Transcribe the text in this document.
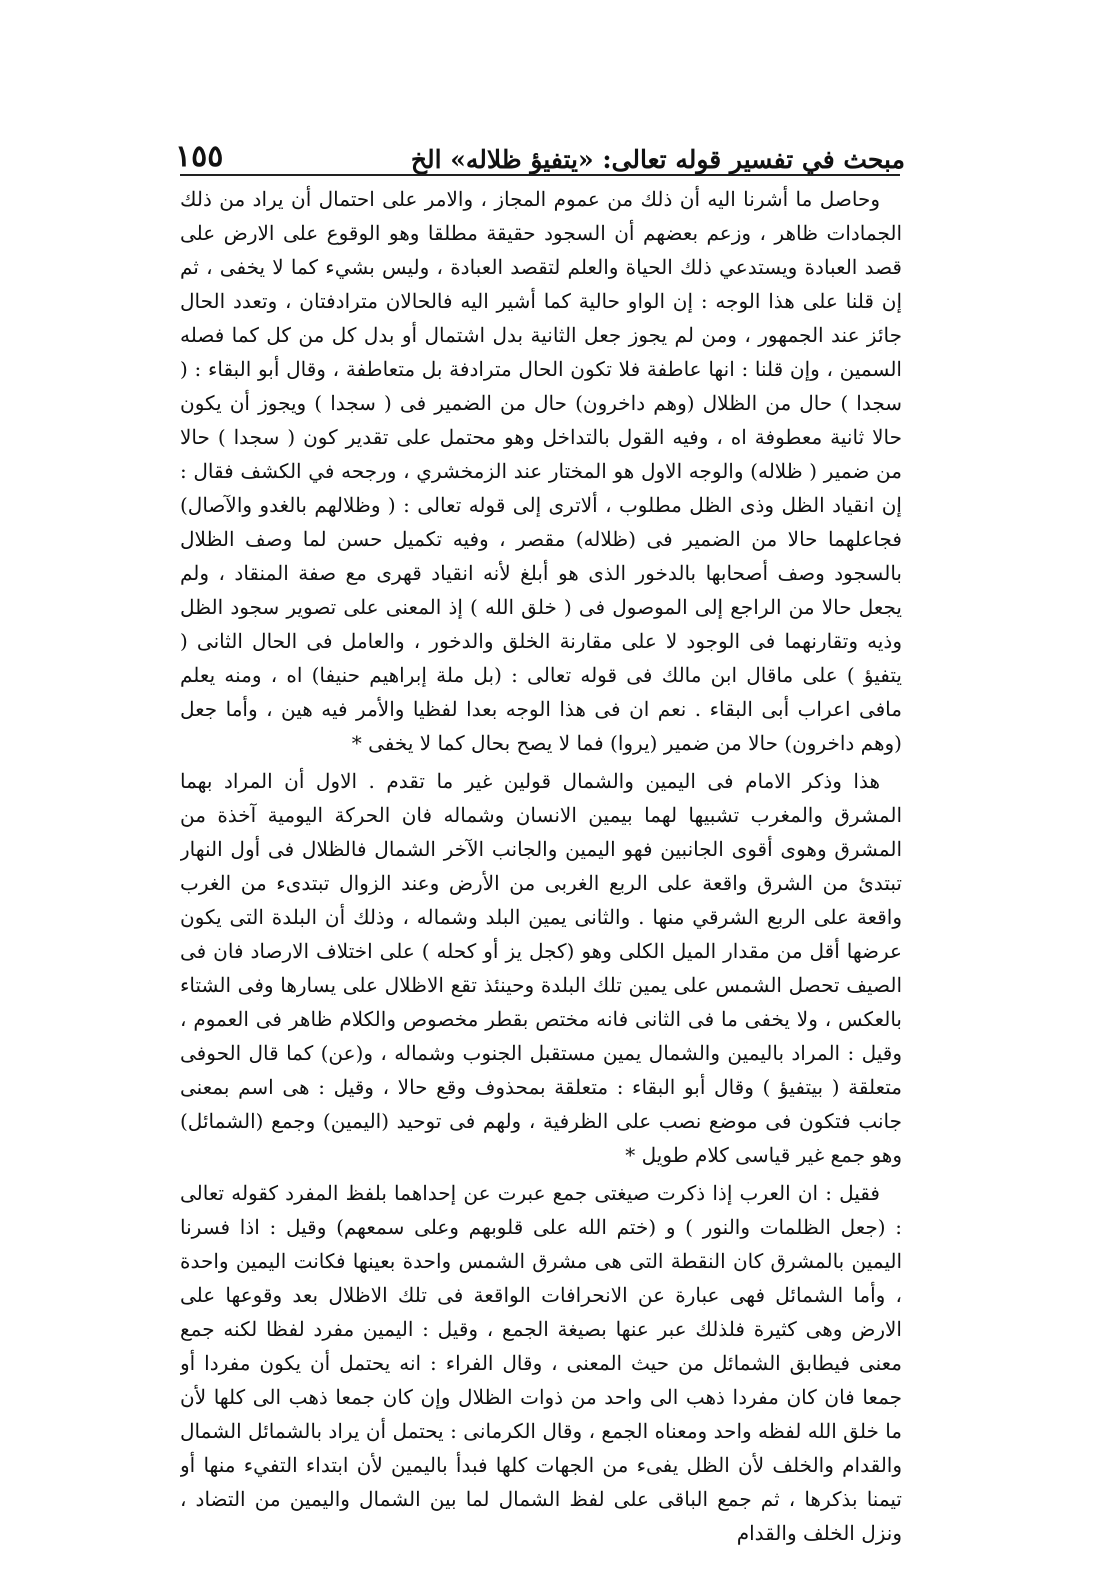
مبحث في تفسير قوله تعالى: «يتفيؤ ظلاله» الخ
١٥٥

وحاصل ما أشرنا اليه أن ذلك من عموم المجاز ، والامر على احتمال أن يراد من ذلك الجمادات ظاهر ، وزعم بعضهم أن السجود حقيقة مطلقا وهو الوقوع على الارض على قصد العبادة ويستدعي ذلك الحياة والعلم لتقصد العبادة ، وليس بشيء كما لا يخفى ، ثم إن قلنا على هذا الوجه : إن الواو حالية كما أشير اليه فالحالان مترادفتان ، وتعدد الحال جائز عند الجمهور ، ومن لم يجوز جعل الثانية بدل اشتمال أو بدل كل من كل كما فصله السمين ، وإن قلنا : انها عاطفة فلا تكون الحال مترادفة بل متعاطفة ، وقال أبو البقاء : ( سجدا ) حال من الظلال (وهم داخرون) حال من الضمير فى ( سجدا ) ويجوز أن يكون حالا ثانية معطوفة اه ، وفيه القول بالتداخل وهو محتمل على تقدير كون ( سجدا ) حالا من ضمير ( ظلاله) والوجه الاول هو المختار عند الزمخشري ، ورجحه في الكشف فقال : إن انقياد الظل وذى الظل مطلوب ، ألاترى إلى قوله تعالى : ( وظلالهم بالغدو والآصال) فجاعلهما حالا من الضمير فى (ظلاله) مقصر ، وفيه تكميل حسن لما وصف الظلال بالسجود وصف أصحابها بالدخور الذى هو أبلغ لأنه انقياد قهرى مع صفة المنقاد ، ولم يجعل حالا من الراجع إلى الموصول فى ( خلق الله ) إذ المعنى على تصوير سجود الظل وذيه وتقارنهما فى الوجود لا على مقارنة الخلق والدخور ، والعامل فى الحال الثانى ( يتفيؤ ) على ماقال ابن مالك فى قوله تعالى : (بل ملة إبراهيم حنيفا) اه ، ومنه يعلم مافى اعراب أبى البقاء . نعم ان فى هذا الوجه بعدا لفظيا والأمر فيه هين ، وأما جعل (وهم داخرون) حالا من ضمير (يروا) فما لا يصح بحال كما لا يخفى *

هذا وذكر الامام فى اليمين والشمال قولين غير ما تقدم . الاول أن المراد بهما المشرق والمغرب تشبيها لهما بيمين الانسان وشماله فان الحركة اليومية آخذة من المشرق وهوى أقوى الجانبين فهو اليمين والجانب الآخر الشمال فالظلال فى أول النهار تبتدئ من الشرق واقعة على الربع الغربى من الأرض وعند الزوال تبتدىء من الغرب واقعة على الربع الشرقي منها . والثانى يمين البلد وشماله ، وذلك أن البلدة التى يكون عرضها أقل من مقدار الميل الكلى وهو (كجل يز أو كحله ) على اختلاف الارصاد فان فى الصيف تحصل الشمس على يمين تلك البلدة وحينئذ تقع الاظلال على يسارها وفى الشتاء بالعكس ، ولا يخفى ما فى الثانى فانه مختص بقطر مخصوص والكلام ظاهر فى العموم ، وقيل : المراد باليمين والشمال يمين مستقبل الجنوب وشماله ، و(عن) كما قال الحوفى متعلقة ( بيتفيؤ ) وقال أبو البقاء : متعلقة بمحذوف وقع حالا ، وقيل : هى اسم بمعنى جانب فتكون فى موضع نصب على الظرفية ، ولهم فى توحيد (اليمين) وجمع (الشمائل) وهو جمع غير قياسى كلام طويل *

فقيل : ان العرب إذا ذكرت صيغتى جمع عبرت عن إحداهما بلفظ المفرد كقوله تعالى : (جعل الظلمات والنور ) و (ختم الله على قلوبهم وعلى سمعهم) وقيل : اذا فسرنا اليمين بالمشرق كان النقطة التى هى مشرق الشمس واحدة بعينها فكانت اليمين واحدة ، وأما الشمائل فهى عبارة عن الانحرافات الواقعة فى تلك الاظلال بعد وقوعها على الارض وهى كثيرة فلذلك عبر عنها بصيغة الجمع ، وقيل : اليمين مفرد لفظا لكنه جمع معنى فيطابق الشمائل من حيث المعنى ، وقال الفراء : انه يحتمل أن يكون مفردا أو جمعا فان كان مفردا ذهب الى واحد من ذوات الظلال وإن كان جمعا ذهب الى كلها لأن ما خلق الله لفظه واحد ومعناه الجمع ، وقال الكرمانى : يحتمل أن يراد بالشمائل الشمال والقدام والخلف لأن الظل يفىء من الجهات كلها فبدأ باليمين لأن ابتداء التفيء منها أو تيمنا بذكرها ، ثم جمع الباقى على لفظ الشمال لما بين الشمال واليمين من التضاد ، ونزل الخلف والقدام
